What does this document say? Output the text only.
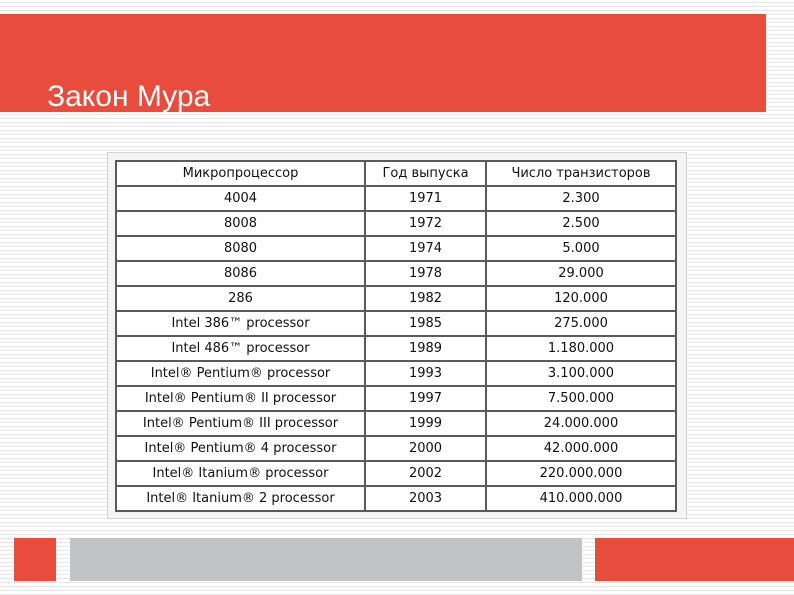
Закон Мура
Микропроцессор	Год выпуска	Число транзисторов
4004	1971	2.300
8008	1972	2.500
8080	1974	5.000
8086	1978	29.000
286	1982	120.000
Intel 386™ processor	1985	275.000
Intel 486™ processor	1989	1.180.000
Intel® Pentium® processor	1993	3.100.000
Intel® Pentium® II processor	1997	7.500.000
Intel® Pentium® III processor	1999	24.000.000
Intel® Pentium® 4 processor	2000	42.000.000
Intel® Itanium® processor	2002	220.000.000
Intel® Itanium® 2 processor	2003	410.000.000
